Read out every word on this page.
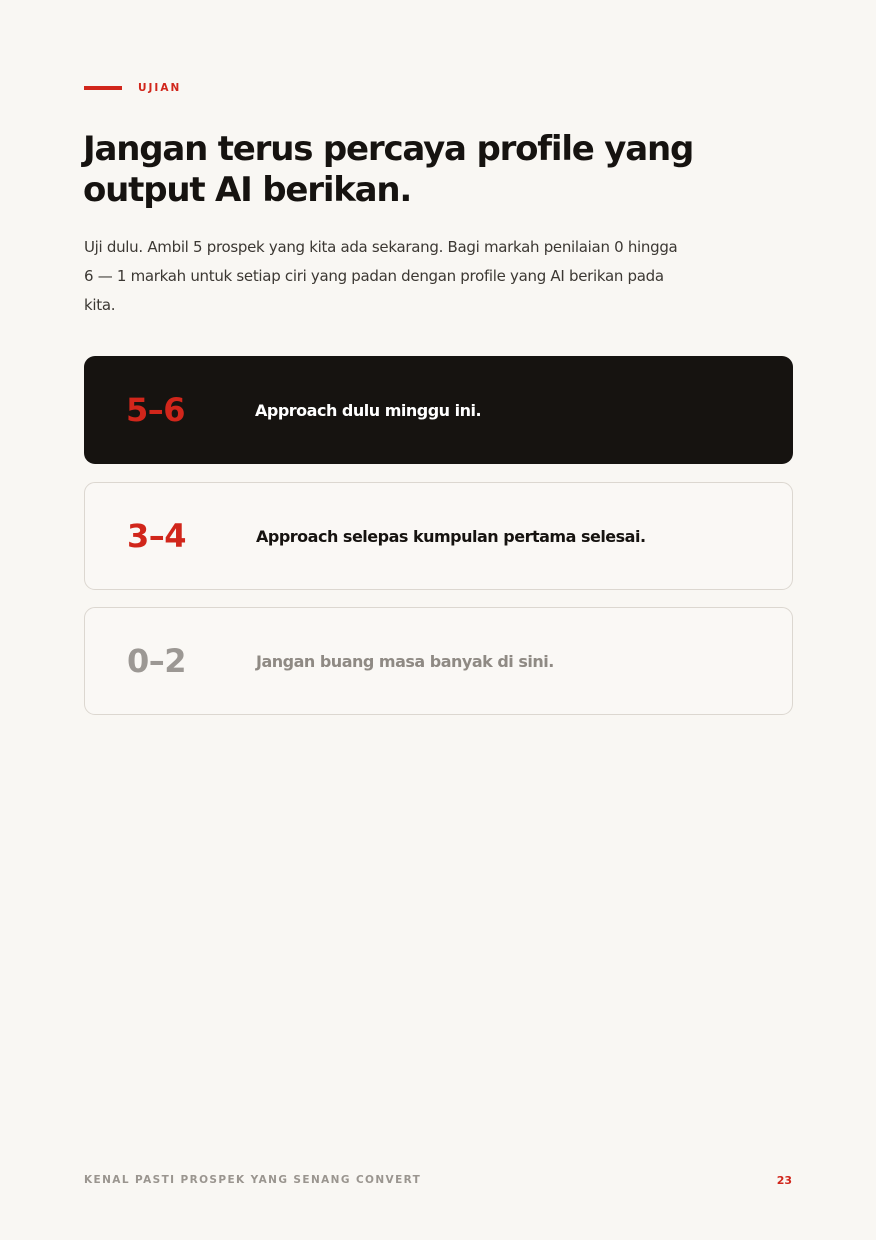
UJIAN
Jangan terus percaya profile yang output AI berikan.

Uji dulu. Ambil 5 prospek yang kita ada sekarang. Bagi markah penilaian 0 hingga 6 — 1 markah untuk setiap ciri yang padan dengan profile yang AI berikan pada kita.

5–6	Approach dulu minggu ini.
3–4	Approach selepas kumpulan pertama selesai.
0–2	Jangan buang masa banyak di sini.
KENAL PASTI PROSPEK YANG SENANG CONVERT	23
